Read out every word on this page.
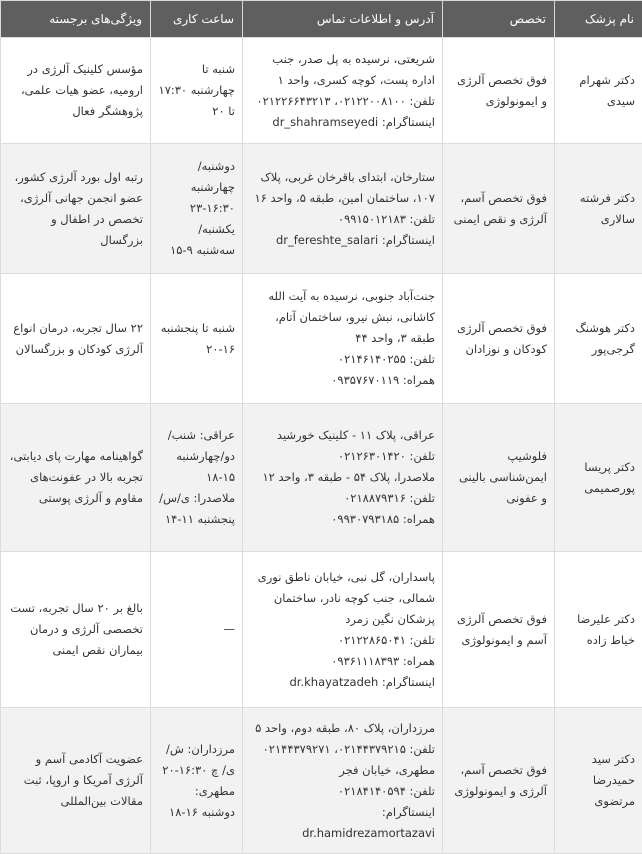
نام پزشک	تخصص	آدرس و اطلاعات تماس	ساعت کاری	ویژگی‌های برجسته
دکتر شهرام سیدی	فوق تخصص آلرژی و ایمونولوژی	شریعتی، نرسیده به پل صدر، جنب اداره پست، کوچه کسری، واحد ۱
تلفن: ۰۲۱۲۲۰۰۸۱۰۰، ۰۲۱۲۲۶۶۴۳۲۱۳
اینستاگرام: dr_shahramseyedi	شنبه تا چهارشنبه ۱۷:۳۰ تا ۲۰	مؤسس کلینیک آلرژی در ارومیه، عضو هیات علمی، پژوهشگر فعال
دکتر فرشته سالاری	فوق تخصص آسم، آلرژی و نقص ایمنی	ستارخان، ابتدای باقرخان غربی، پلاک ۱۰۷، ساختمان امین، طبقه ۵، واحد ۱۶
تلفن: ۰۹۹۱۵۰۱۲۱۸۳
اینستاگرام: dr_fereshte_salari	دوشنبه/ چهارشنبه ۱۶:۳۰-۲۳
یکشنبه/ سه‌شنبه ۹-۱۵	رتبه اول بورد آلرژی کشور، عضو انجمن جهانی آلرژی، تخصص در اطفال و بزرگسال
دکتر هوشنگ گرجی‌پور	فوق تخصص آلرژی کودکان و نوزادان	جنت‌آباد جنوبی، نرسیده به آیت الله کاشانی، نبش نیرو، ساختمان آتام، طبقه ۳، واحد ۴۴
تلفن: ۰۲۱۴۶۱۴۰۲۵۵
همراه: ۰۹۳۵۷۶۷۰۱۱۹	شنبه تا پنجشنبه ۱۶-۲۰	۲۲ سال تجربه، درمان انواع آلرژی کودکان و بزرگسالان
دکتر پریسا پورصمیمی	فلوشیپ ایمن‌شناسی بالینی و عفونی	عراقی، پلاک ۱۱ - کلینیک خورشید
تلفن: ۰۲۱۲۶۳۰۱۴۲۰
ملاصدرا، پلاک ۵۴ - طبقه ۳، واحد ۱۲
تلفن: ۰۲۱۸۸۷۹۳۱۶
همراه: ۰۹۹۳۰۷۹۳۱۸۵	عراقی: شنب/ دو/چهارشنبه ۱۵-۱۸
ملاصدرا: ی/س/ پنجشنبه ۱۱-۱۴	گواهینامه مهارت پای دیابتی، تجربه بالا در عفونت‌های مقاوم و آلرژی پوستی
دکتر علیرضا خیاط زاده	فوق تخصص آلرژی آسم و ایمونولوژی	پاسداران، گل نبی، خیابان ناطق نوری شمالی، جنب کوچه نادر، ساختمان پزشکان نگین زمرد
تلفن: ۰۲۱۲۲۸۶۵۰۴۱
همراه: ۰۹۳۶۱۱۱۸۳۹۳
اینستاگرام: dr.khayatzadeh	—	بالغ بر ۲۰ سال تجربه، تست تخصصی آلرژی و درمان بیماران نقص ایمنی
دکتر سید حمیدرضا مرتضوی	فوق تخصص آسم، آلرژی و ایمونولوژی	مرزداران، پلاک ۸۰، طبقه دوم، واحد ۵
تلفن: ۰۲۱۴۴۳۷۹۲۱۵، ۰۲۱۴۴۳۷۹۲۷۱
مطهری، خیابان فجر
تلفن: ۰۲۱۸۴۱۴۰۵۹۴
اینستاگرام: dr.hamidrezamortazavi	مرزداران: ش/ی/ چ ۱۶:۳۰-۲۰
مطهری: دوشنبه ۱۶-۱۸	عضویت آکادمی آسم و آلرژی آمریکا و اروپا، ثبت مقالات بین‌المللی
